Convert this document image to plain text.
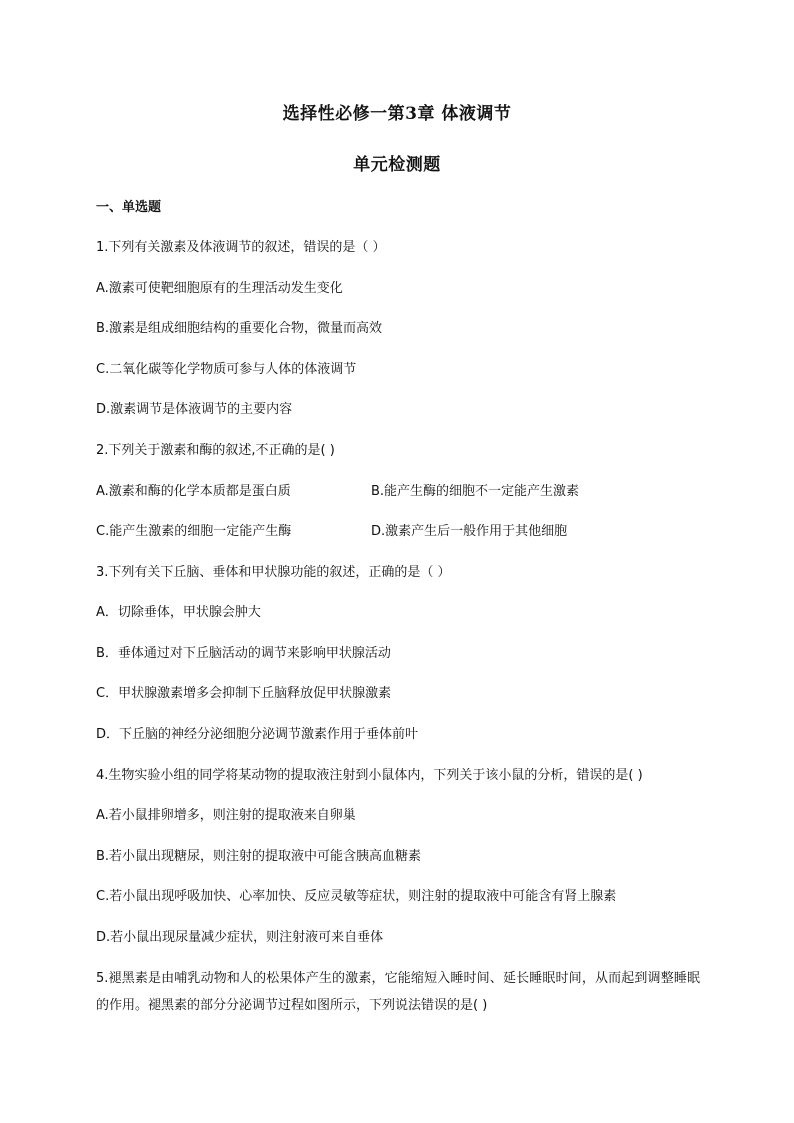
选择性必修一第3章 体液调节
单元检测题
一、单选题
1.下列有关激素及体液调节的叙述，错误的是（ ）
A.激素可使靶细胞原有的生理活动发生变化
B.激素是组成细胞结构的重要化合物，微量而高效
C.二氧化碳等化学物质可参与人体的体液调节
D.激素调节是体液调节的主要内容
2.下列关于激素和酶的叙述,不正确的是( )
A.激素和酶的化学本质都是蛋白质	B.能产生酶的细胞不一定能产生激素
C.能产生激素的细胞一定能产生酶	D.激素产生后一般作用于其他细胞
3.下列有关下丘脑、垂体和甲状腺功能的叙述，正确的是（ ）
A．切除垂体，甲状腺会肿大
B．垂体通过对下丘脑活动的调节来影响甲状腺活动
C．甲状腺激素增多会抑制下丘脑释放促甲状腺激素
D．下丘脑的神经分泌细胞分泌调节激素作用于垂体前叶
4.生物实验小组的同学将某动物的提取液注射到小鼠体内，下列关于该小鼠的分析，错误的是( )
A.若小鼠排卵增多，则注射的提取液来自卵巢
B.若小鼠出现糖尿，则注射的提取液中可能含胰高血糖素
C.若小鼠出现呼吸加快、心率加快、反应灵敏等症状，则注射的提取液中可能含有肾上腺素
D.若小鼠出现尿量减少症状，则注射液可来自垂体
5.褪黑素是由哺乳动物和人的松果体产生的激素，它能缩短入睡时间、延长睡眠时间，从而起到调整睡眠的作用。褪黑素的部分分泌调节过程如图所示，下列说法错误的是( )
